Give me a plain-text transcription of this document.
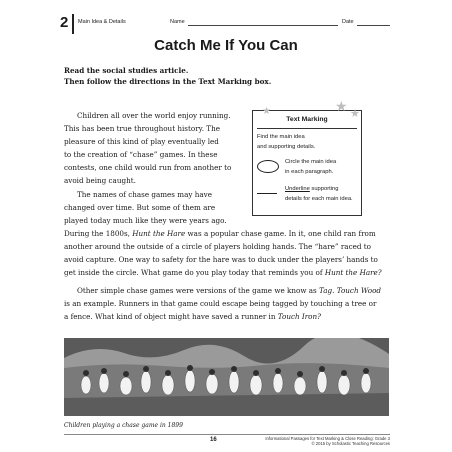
2 Main Idea & Details	Name	Date
Catch Me If You Can
Read the social studies article.
Then follow the directions in the Text Marking box.
Children all over the world enjoy running.
This has been true throughout history. The
pleasure of this kind of play eventually led
to the creation of “chase” games. In these
contests, one child would run from another to
avoid being caught.
The names of chase games may have
changed over time. But some of them are
played today much like they were years ago.
During the 1800s, Hunt the Hare was a popular chase game. In it, one child ran from
another around the outside of a circle of players holding hands. The “hare” raced to
avoid capture. One way to safety for the hare was to duck under the players’ hands to
get inside the circle. What game do you play today that reminds you of Hunt the Hare?
Other simple chase games were versions of the game we know as Tag. Touch Wood
is an example. Runners in that game could escape being tagged by touching a tree or
a fence. What kind of object might have saved a runner in Touch Iron?
Text Marking
Find the main idea
and supporting details.
Circle the main idea
in each paragraph.
Underline supporting
details for each main idea.
★ ★
★
Children playing a chase game in 1899
16	Informational Passages for Text Marking & Close Reading: Grade 3
© 2015 by Scholastic Teaching Resources
